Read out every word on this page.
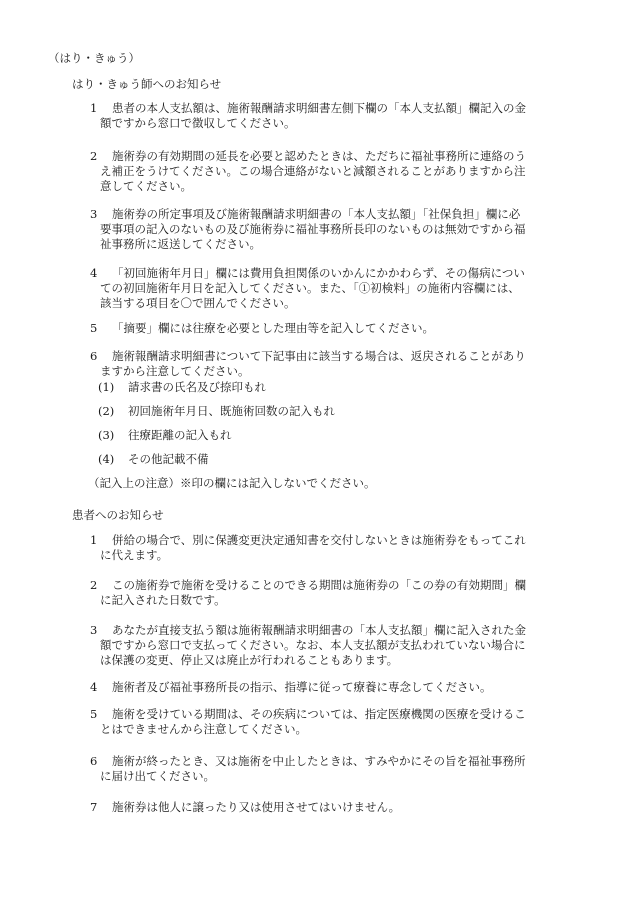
（はり・きゅう）
はり・きゅう師へのお知らせ
1 患者の本人支払額は、施術報酬請求明細書左側下欄の「本人支払額」欄記入の金
額ですから窓口で徴収してください。
2 施術券の有効期間の延長を必要と認めたときは、ただちに福祉事務所に連絡のう
え補正をうけてください。この場合連絡がないと減額されることがありますから注
意してください。
3 施術券の所定事項及び施術報酬請求明細書の「本人支払額」「社保負担」欄に必
要事項の記入のないもの及び施術券に福祉事務所長印のないものは無効ですから福
祉事務所に返送してください。
4 「初回施術年月日」欄には費用負担関係のいかんにかかわらず、その傷病につい
ての初回施術年月日を記入してください。また、「①初検料」の施術内容欄には、
該当する項目を〇で囲んでください。
5 「摘要」欄には往療を必要とした理由等を記入してください。
6 施術報酬請求明細書について下記事由に該当する場合は、返戻されることがあり
ますから注意してください。
(1) 請求書の氏名及び捺印もれ
(2) 初回施術年月日、既施術回数の記入もれ
(3) 往療距離の記入もれ
(4) その他記載不備
（記入上の注意）※印の欄には記入しないでください。
患者へのお知らせ
1 併給の場合で、別に保護変更決定通知書を交付しないときは施術券をもってこれ
に代えます。
2 この施術券で施術を受けることのできる期間は施術券の「この券の有効期間」欄
に記入された日数です。
3 あなたが直接支払う額は施術報酬請求明細書の「本人支払額」欄に記入された金
額ですから窓口で支払ってください。なお、本人支払額が支払われていない場合に
は保護の変更、停止又は廃止が行われることもあります。
4 施術者及び福祉事務所長の指示、指導に従って療養に専念してください。
5 施術を受けている期間は、その疾病については、指定医療機関の医療を受けるこ
とはできませんから注意してください。
6 施術が終ったとき、又は施術を中止したときは、すみやかにその旨を福祉事務所
に届け出てください。
7 施術券は他人に譲ったり又は使用させてはいけません。
